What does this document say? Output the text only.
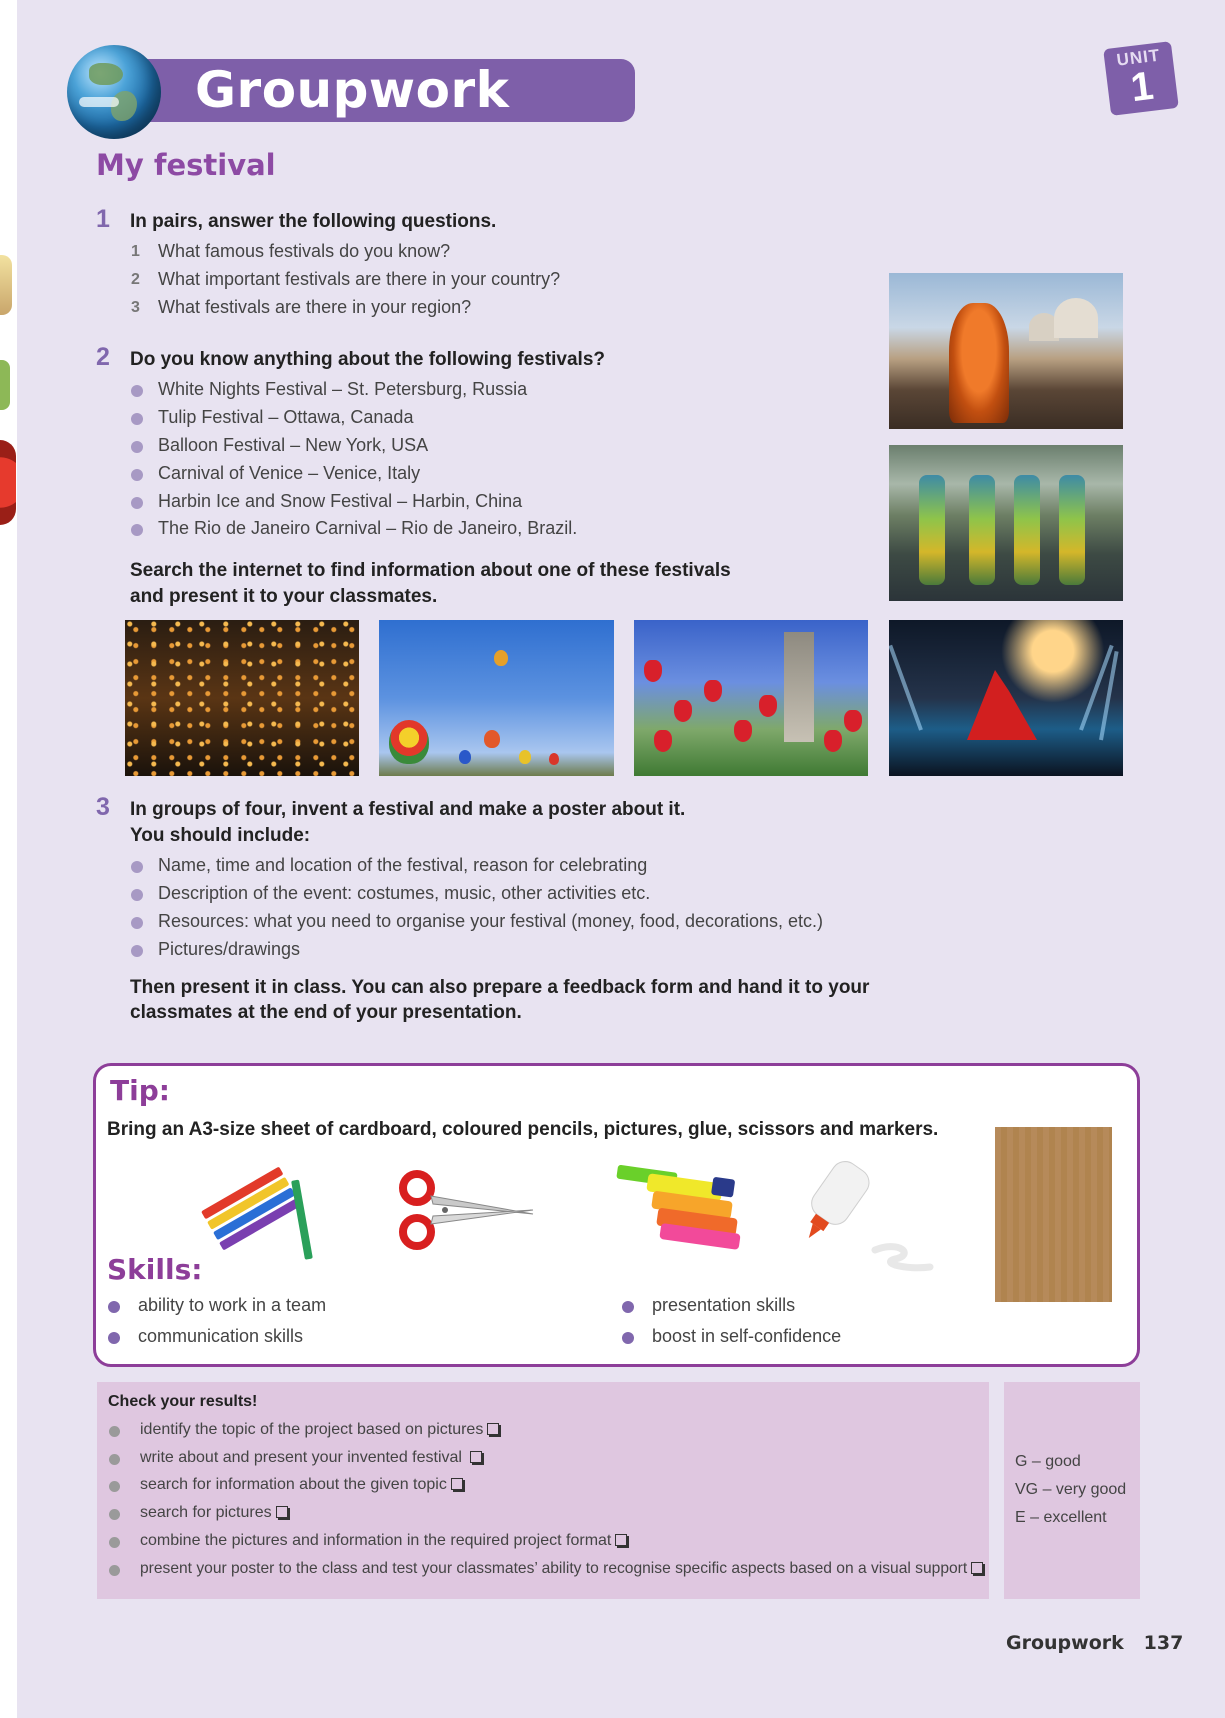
Groupwork
UNIT
1
My festival
1 In pairs, answer the following questions.
1 What famous festivals do you know?
2 What important festivals are there in your country?
3 What festivals are there in your region?
2 Do you know anything about the following festivals?
White Nights Festival – St. Petersburg, Russia
Tulip Festival – Ottawa, Canada
Balloon Festival – New York, USA
Carnival of Venice – Venice, Italy
Harbin Ice and Snow Festival – Harbin, China
The Rio de Janeiro Carnival – Rio de Janeiro, Brazil.
Search the internet to find information about one of these festivals
and present it to your classmates.
3 In groups of four, invent a festival and make a poster about it.
You should include:
Name, time and location of the festival, reason for celebrating
Description of the event: costumes, music, other activities etc.
Resources: what you need to organise your festival (money, food, decorations, etc.)
Pictures/drawings
Then present it in class. You can also prepare a feedback form and hand it to your
classmates at the end of your presentation.
Tip:
Bring an A3-size sheet of cardboard, coloured pencils, pictures, glue, scissors and markers.
Skills:
ability to work in a team
communication skills
presentation skills
boost in self-confidence
Check your results!
identify the topic of the project based on pictures
write about and present your invented festival
search for information about the given topic
search for pictures
combine the pictures and information in the required project format
present your poster to the class and test your classmates’ ability to recognise specific aspects based on a visual support
G – good
VG – very good
E – excellent
Groupwork 137
